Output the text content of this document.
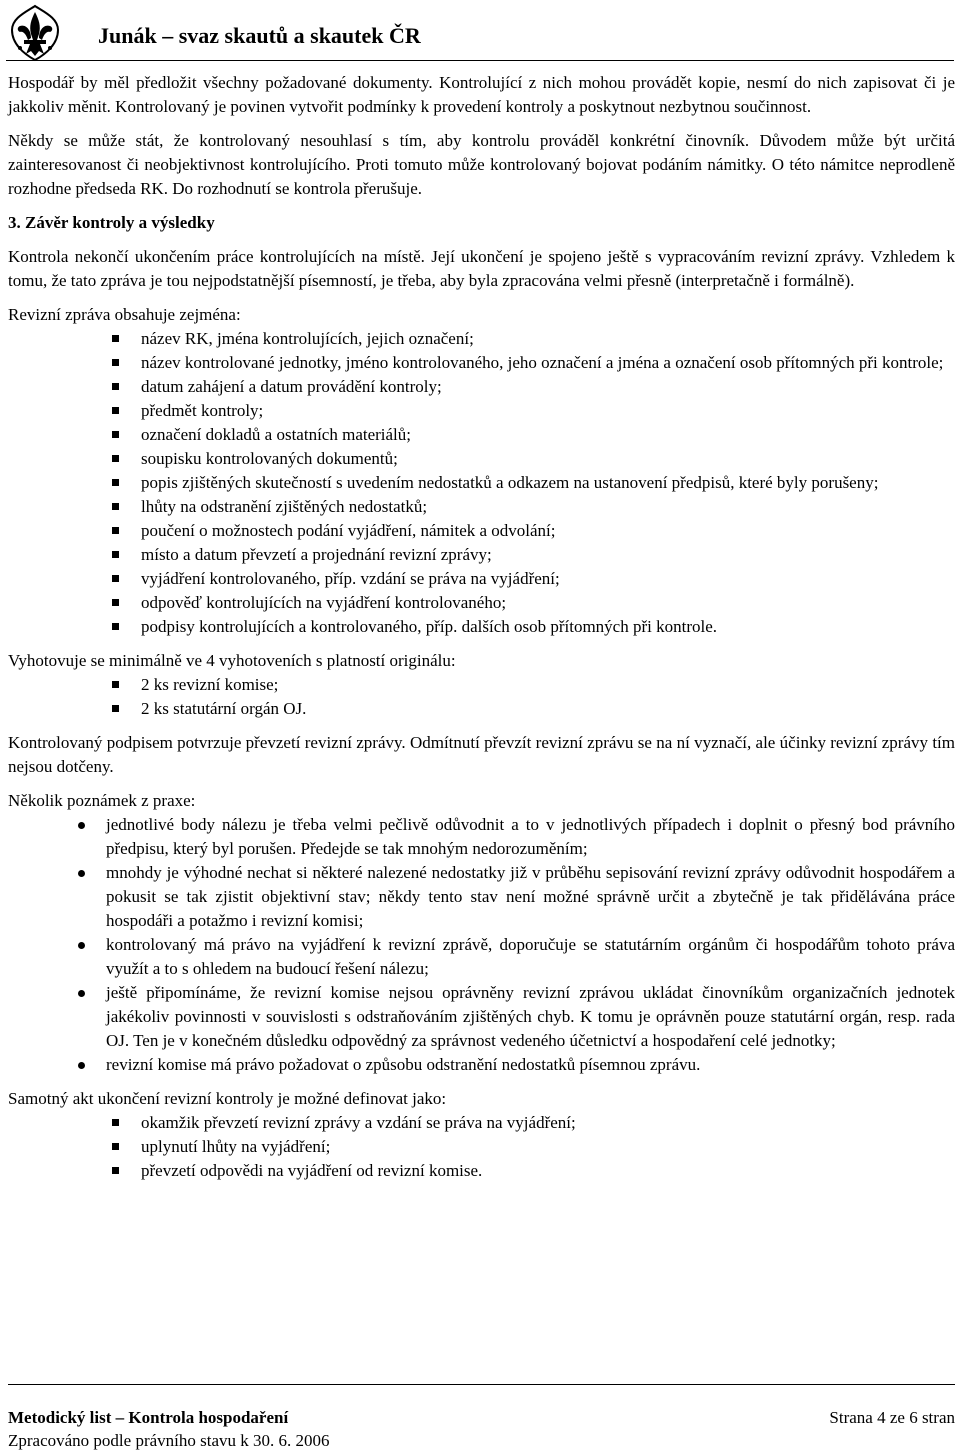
Junák – svaz skautů a skautek ČR

Hospodář by měl předložit všechny požadované dokumenty. Kontrolující z nich mohou provádět kopie, nesmí do nich zapisovat či je jakkoliv měnit. Kontrolovaný je povinen vytvořit podmínky k provedení kontroly a poskytnout nezbytnou součinnost.

Někdy se může stát, že kontrolovaný nesouhlasí s tím, aby kontrolu prováděl konkrétní činovník. Důvodem může být určitá zainteresovanost či neobjektivnost kontrolujícího. Proti tomuto může kontrolovaný bojovat podáním námitky. O této námitce neprodleně rozhodne předseda RK. Do rozhodnutí se kontrola přerušuje.

3. Závěr kontroly a výsledky

Kontrola nekončí ukončením práce kontrolujících na místě. Její ukončení je spojeno ještě s vypracováním revizní zprávy. Vzhledem k tomu, že tato zpráva je tou nejpodstatnější písemností, je třeba, aby byla zpracována velmi přesně (interpretačně i formálně).

Revizní zpráva obsahuje zejména:

název RK, jména kontrolujících, jejich označení;
název kontrolované jednotky, jméno kontrolovaného, jeho označení a jména a označení osob přítomných při kontrole;
datum zahájení a datum provádění kontroly;
předmět kontroly;
označení dokladů a ostatních materiálů;
soupisku kontrolovaných dokumentů;
popis zjištěných skutečností s uvedením nedostatků a odkazem na ustanovení předpisů, které byly porušeny;
lhůty na odstranění zjištěných nedostatků;
poučení o možnostech podání vyjádření, námitek a odvolání;
místo a datum převzetí a projednání revizní zprávy;
vyjádření kontrolovaného, příp. vzdání se práva na vyjádření;
odpověď kontrolujících na vyjádření kontrolovaného;
podpisy kontrolujících a kontrolovaného, příp. dalších osob přítomných při kontrole.

Vyhotovuje se minimálně ve 4 vyhotoveních s platností originálu:

2 ks revizní komise;
2 ks statutární orgán OJ.

Kontrolovaný podpisem potvrzuje převzetí revizní zprávy. Odmítnutí převzít revizní zprávu se na ní vyznačí, ale účinky revizní zprávy tím nejsou dotčeny.

Několik poznámek z praxe:

jednotlivé body nálezu je třeba velmi pečlivě odůvodnit a to v jednotlivých případech i doplnit o přesný bod právního předpisu, který byl porušen. Předejde se tak mnohým nedorozuměním;
mnohdy je výhodné nechat si některé nalezené nedostatky již v průběhu sepisování revizní zprávy odůvodnit hospodářem a pokusit se tak zjistit objektivní stav; někdy tento stav není možné správně určit a zbytečně je tak přidělávána práce hospodáři a potažmo i revizní komisi;
kontrolovaný má právo na vyjádření k revizní zprávě, doporučuje se statutárním orgánům či hospodářům tohoto práva využít a to s ohledem na budoucí řešení nálezu;
ještě připomínáme, že revizní komise nejsou oprávněny revizní zprávou ukládat činovníkům organizačních jednotek jakékoliv povinnosti v souvislosti s odstraňováním zjištěných chyb. K tomu je oprávněn pouze statutární orgán, resp. rada OJ. Ten je v konečném důsledku odpovědný za správnost vedeného účetnictví a hospodaření celé jednotky;
revizní komise má právo požadovat o způsobu odstranění nedostatků písemnou zprávu.

Samotný akt ukončení revizní kontroly je možné definovat jako:

okamžik převzetí revizní zprávy a vzdání se práva na vyjádření;
uplynutí lhůty na vyjádření;
převzetí odpovědi na vyjádření od revizní komise.
Metodický list – Kontrola hospodaření	Strana 4 ze 6 stran
Zpracováno podle právního stavu k 30. 6. 2006
